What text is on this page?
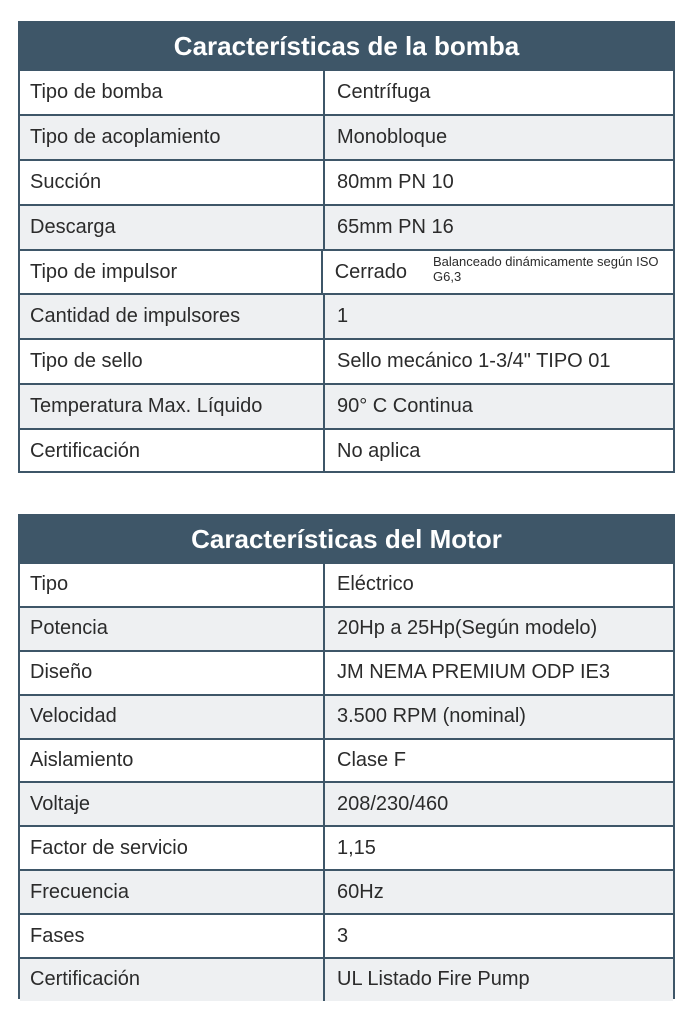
Características de la bomba
Tipo de bomba	Centrífuga
Tipo de acoplamiento	Monobloque
Succión	80mm PN 10
Descarga	65mm PN 16
Tipo de impulsor	Cerrado Balanceado dinámicamente según ISO G6,3
Cantidad de impulsores	1
Tipo de sello	Sello mecánico 1-3/4" TIPO 01
Temperatura Max. Líquido	90° C Continua
Certificación	No aplica
Características del Motor
Tipo	Eléctrico
Potencia	20Hp a 25Hp(Según modelo)
Diseño	JM NEMA PREMIUM ODP IE3
Velocidad	3.500 RPM (nominal)
Aislamiento	Clase F
Voltaje	208/230/460
Factor de servicio	1,15
Frecuencia	60Hz
Fases	3
Certificación	UL Listado Fire Pump
